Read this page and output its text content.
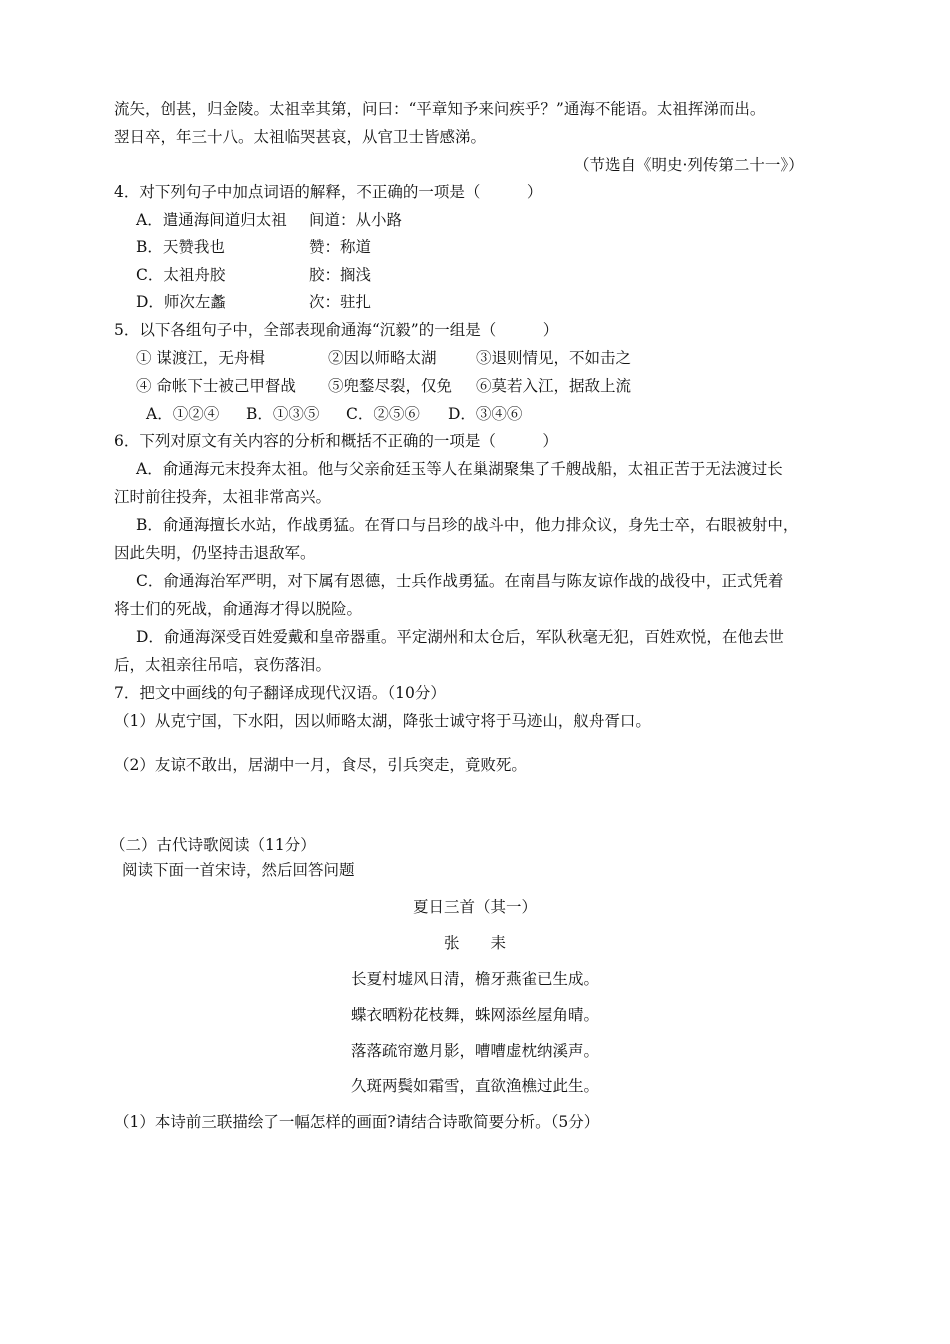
流矢，创甚，归金陵。太祖幸其第，问曰：“平章知予来问疾乎？”通海不能语。太祖挥涕而出。
翌日卒，年三十八。太祖临哭甚哀，从官卫士皆感涕。
（节选自《明史·列传第二十一》）
4．对下列句子中加点词语的解释，不正确的一项是（　　　）
A．遣通海间道归太祖 间道：从小路
B．天赞我也	赞：称道
C．太祖舟胶	胶：搁浅
D．师次左蠡	次：驻扎
5．以下各组句子中，全部表现俞通海“沉毅”的一组是（　　　）
① 谋渡江，无舟楫	②因以师略太湖	③退则情见，不如击之
④ 命帐下士被己甲督战 ⑤兜鍪尽裂，仅免 ⑥莫若入江，据敌上流
A．①②④ B．①③⑤ C．②⑤⑥ D．③④⑥
6．下列对原文有关内容的分析和概括不正确的一项是（　　　）
A．俞通海元末投奔太祖。他与父亲俞廷玉等人在巢湖聚集了千艘战船，太祖正苦于无法渡过长
江时前往投奔，太祖非常高兴。
B．俞通海擅长水站，作战勇猛。在胥口与吕珍的战斗中，他力排众议，身先士卒，右眼被射中，
因此失明，仍坚持击退敌军。
C．俞通海治军严明，对下属有恩德，士兵作战勇猛。在南昌与陈友谅作战的战役中，正式凭着
将士们的死战，俞通海才得以脱险。
D．俞通海深受百姓爱戴和皇帝器重。平定湖州和太仓后，军队秋毫无犯，百姓欢悦，在他去世
后，太祖亲往吊唁，哀伤落泪。
7．把文中画线的句子翻译成现代汉语。（10分）
（1）从克宁国，下水阳，因以师略太湖，降张士诚守将于马迹山，舣舟胥口。
（2）友谅不敢出，居湖中一月，食尽，引兵突走，竟败死。
（二）古代诗歌阅读（11分）
阅读下面一首宋诗，然后回答问题
夏日三首（其一）
张　　耒
长夏村墟风日清，檐牙燕雀已生成。
蝶衣晒粉花枝舞，蛛网添丝屋角晴。
落落疏帘邀月影，嘈嘈虚枕纳溪声。
久斑两鬓如霜雪，直欲渔樵过此生。
（1）本诗前三联描绘了一幅怎样的画面?请结合诗歌简要分析。（5分）
